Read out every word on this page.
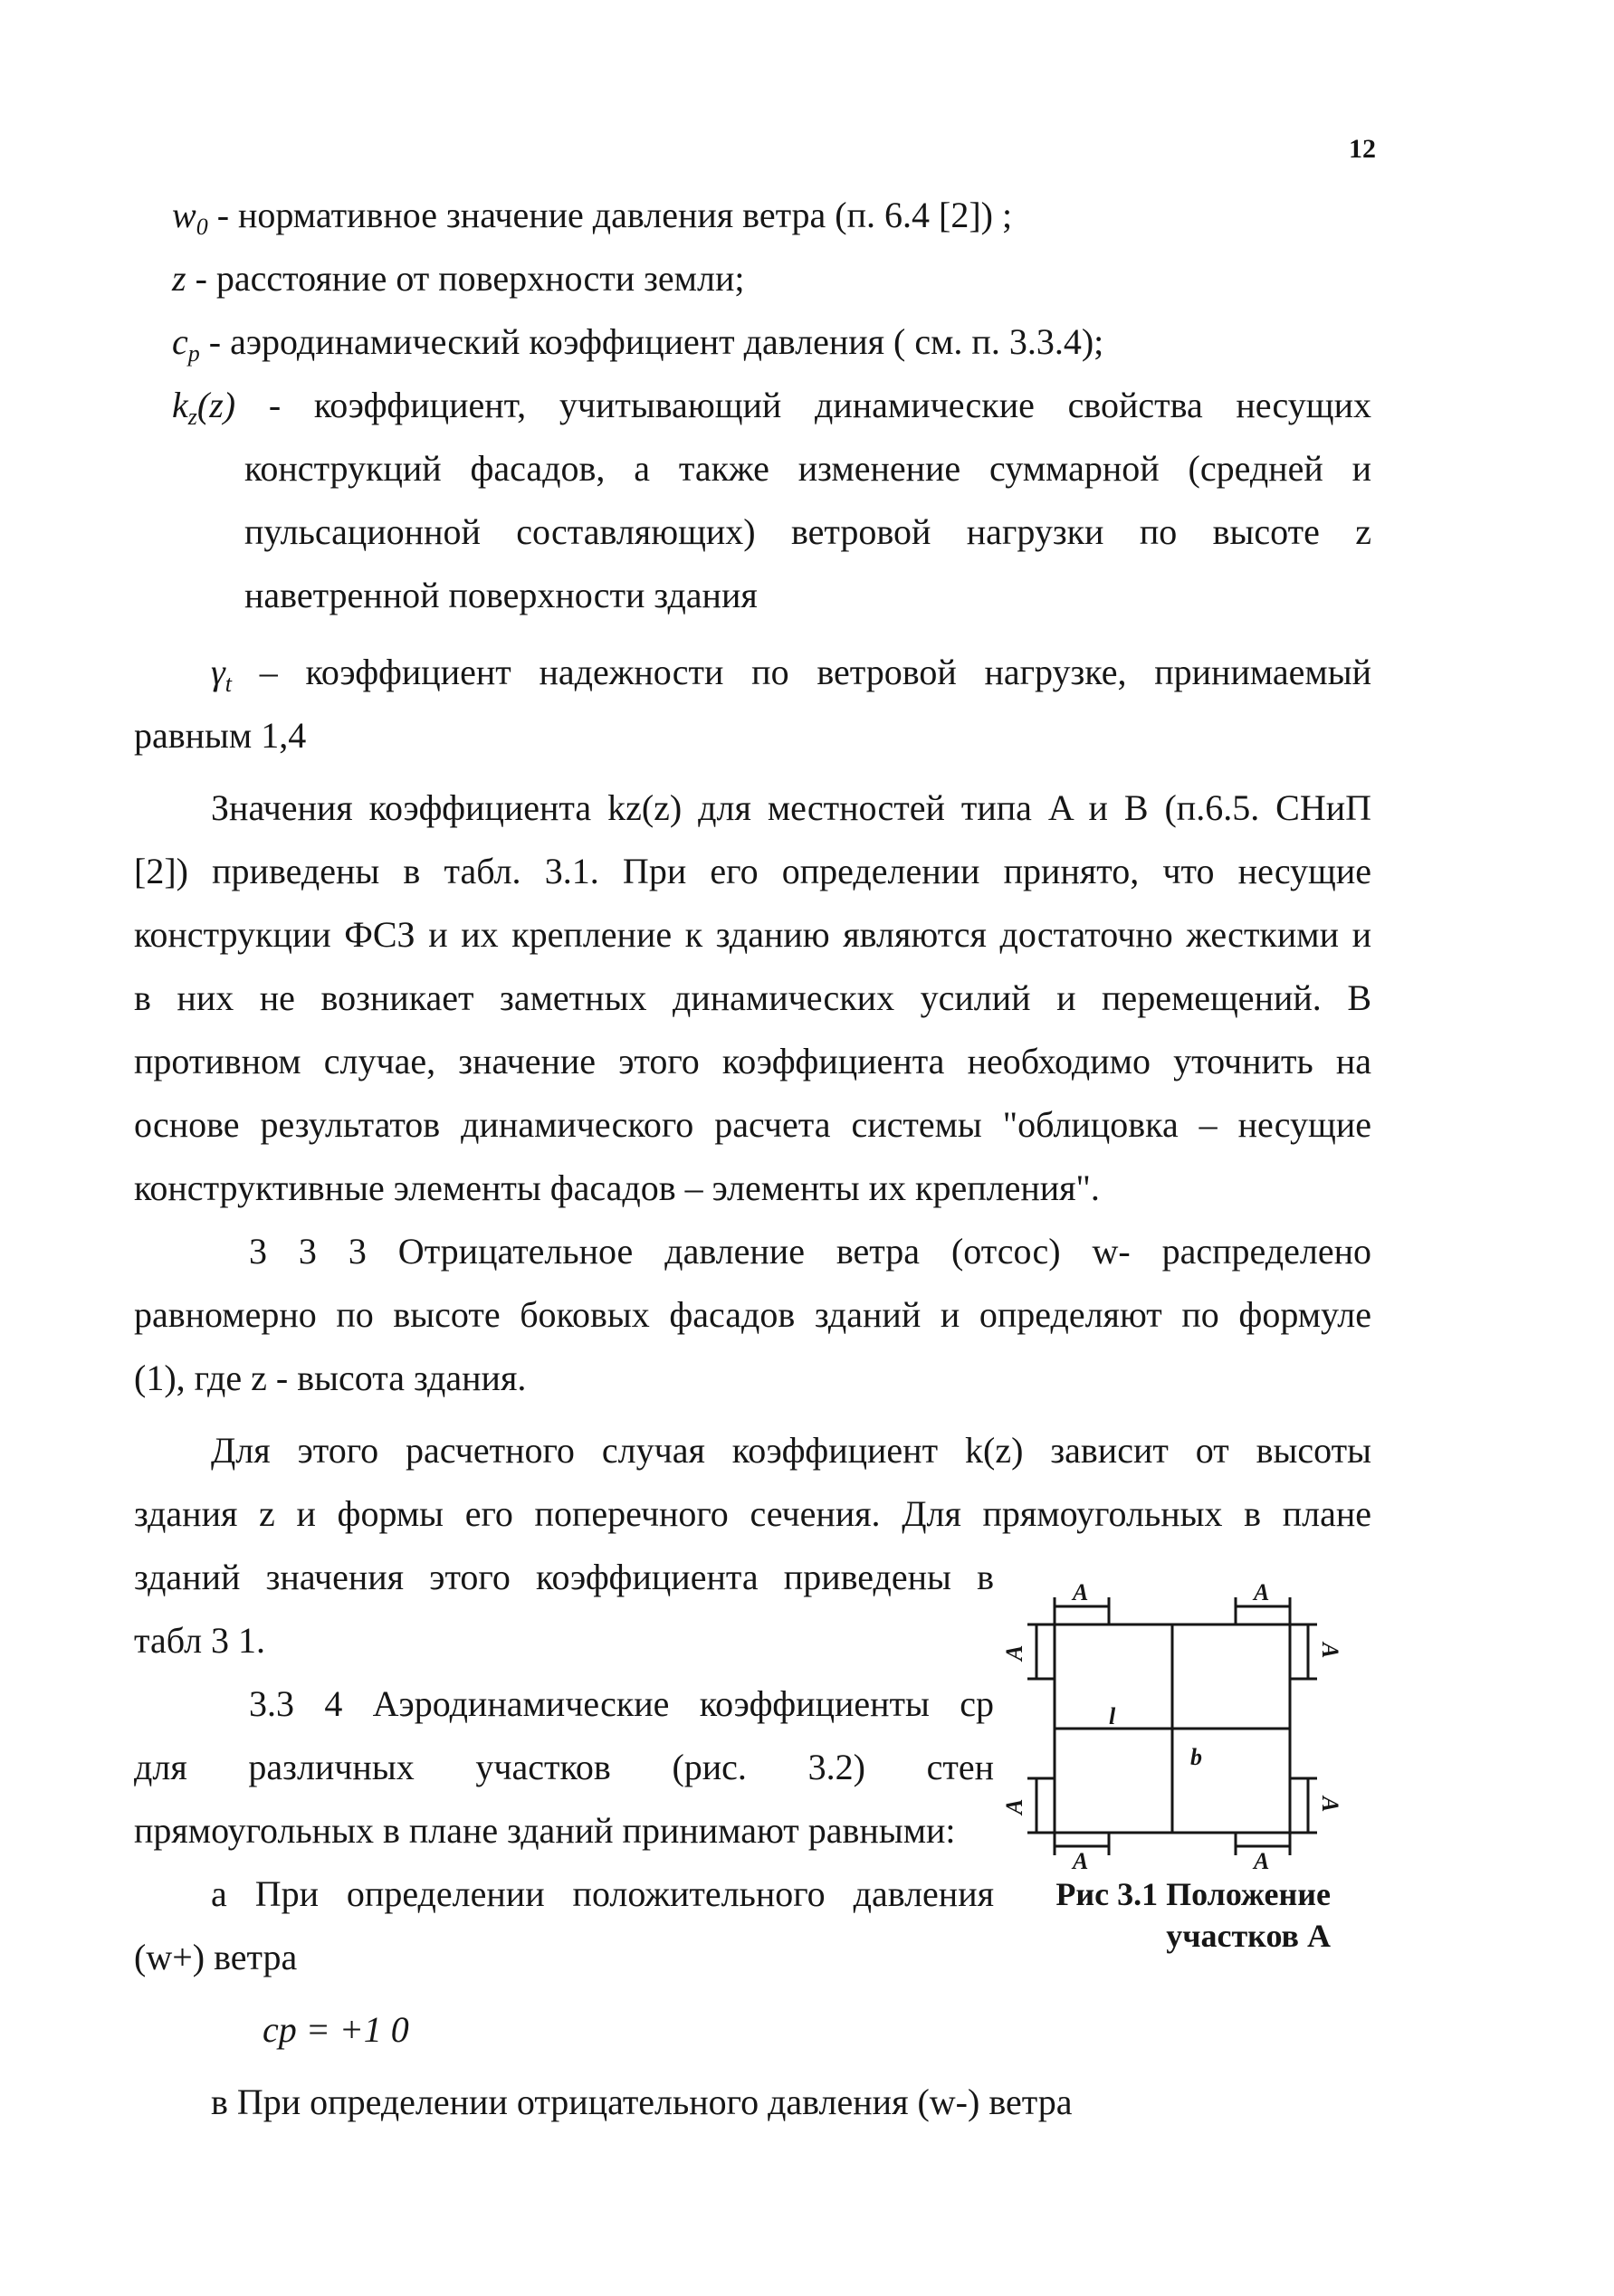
12
$w_0$ - нормативное значение давления ветра (п. 6.4 [2]) ;
z - расстояние от поверхности земли;
$c_p$ - аэродинамический коэффициент давления ( см. п. 3.3.4);
$k_z(z)$ - коэффициент, учитывающий динамические свойства несущих
конструкций фасадов, а также изменение суммарной (средней и
пульсационной составляющих) ветровой нагрузки по высоте z
наветренной поверхности здания
$\gamma_t$ – коэффициент надежности по ветровой нагрузке, принимаемый
равным 1,4
Значения коэффициента kz(z) для местностей типа A и B (п.6.5. СНиП
[2]) приведены в табл. 3.1. При его определении принято, что несущие
конструкции ФСЗ и их крепление к зданию являются достаточно жесткими и
в них не возникает заметных динамических усилий и перемещений. В
противном случае, значение этого коэффициента необходимо уточнить на
основе результатов динамического расчета системы "облицовка – несущие
конструктивные элементы фасадов – элементы их крепления".
3 3 3 Отрицательное давление ветра (отсос) w- распределено
равномерно по высоте боковых фасадов зданий и определяют по формуле
(1), где z - высота здания.
Для этого расчетного случая коэффициент k(z) зависит от высоты
здания z и формы его поперечного сечения. Для прямоугольных в плане
зданий значения этого коэффициента приведены в
табл 3 1.
3.3 4 Аэродинамические коэффициенты cp
для различных участков (рис. 3.2) стен
прямоугольных в плане зданий принимают равными:
a При определении положительного давления
(w+) ветра
cp = +1 0
в При определении отрицательного давления (w-) ветра
A	A
A	A
l
b
A
A
A
A
Рис 3.1 Положение
участков A
